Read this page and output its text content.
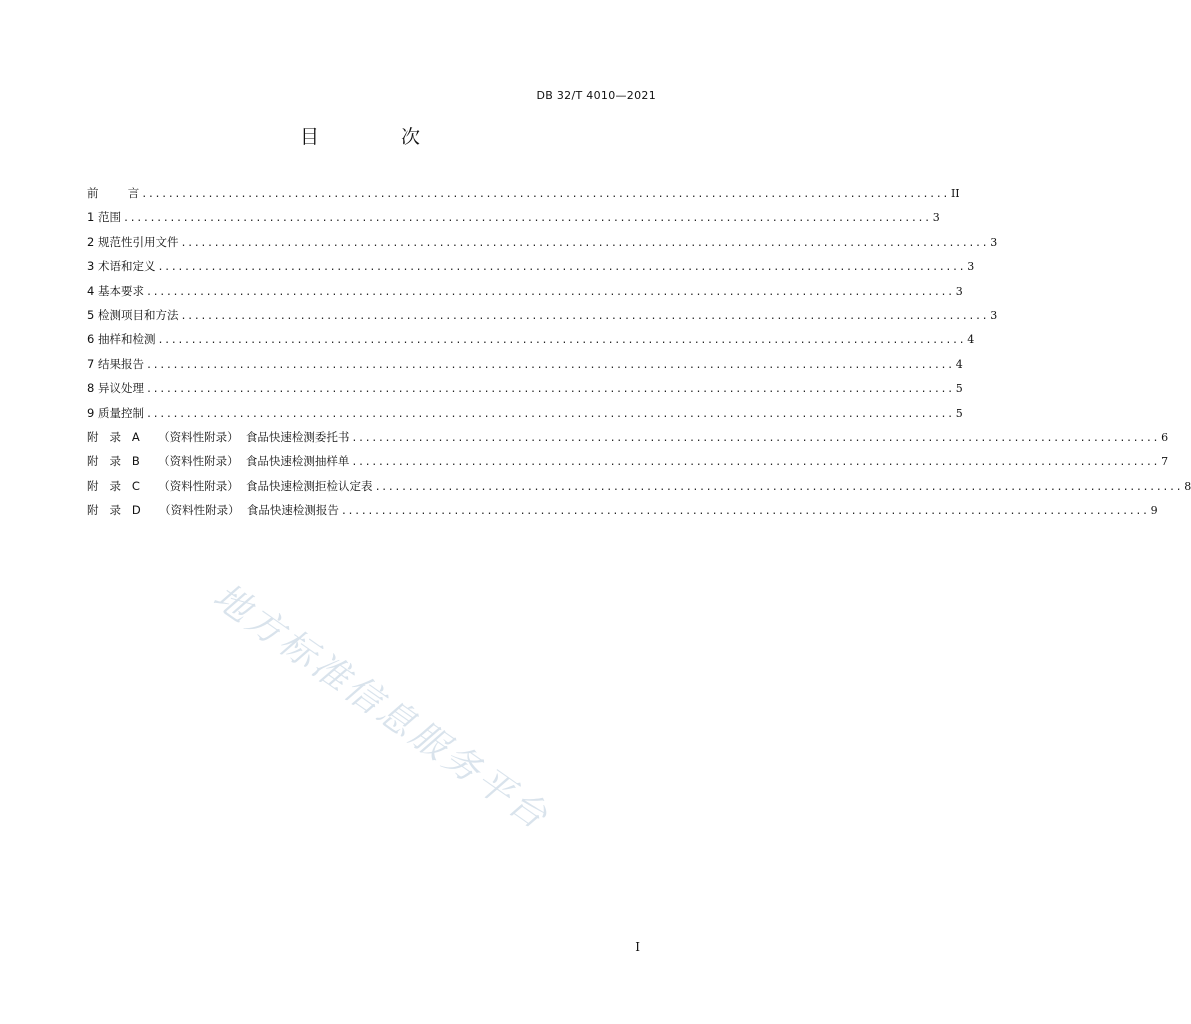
DB 32/T 4010—2021
目 次
前        言 .......................................................................................................................... II
1 范围 .......................................................................................................................... 3
2 规范性引用文件 .......................................................................................................................... 3
3 术语和定义 .......................................................................................................................... 3
4 基本要求 .......................................................................................................................... 3
5 检测项目和方法 .......................................................................................................................... 3
6 抽样和检测 .......................................................................................................................... 4
7 结果报告 .......................................................................................................................... 4
8 异议处理 .......................................................................................................................... 5
9 质量控制 .......................................................................................................................... 5
附   录   A     （资料性附录）  食品快速检测委托书 .......................................................................................................................... 6
附   录   B     （资料性附录）  食品快速检测抽样单 .......................................................................................................................... 7
附   录   C     （资料性附录）  食品快速检测拒检认定表 .......................................................................................................................... 8
附   录   D     （资料性附录）  食品快速检测报告 .......................................................................................................................... 9
地方标准信息服务平台
I
